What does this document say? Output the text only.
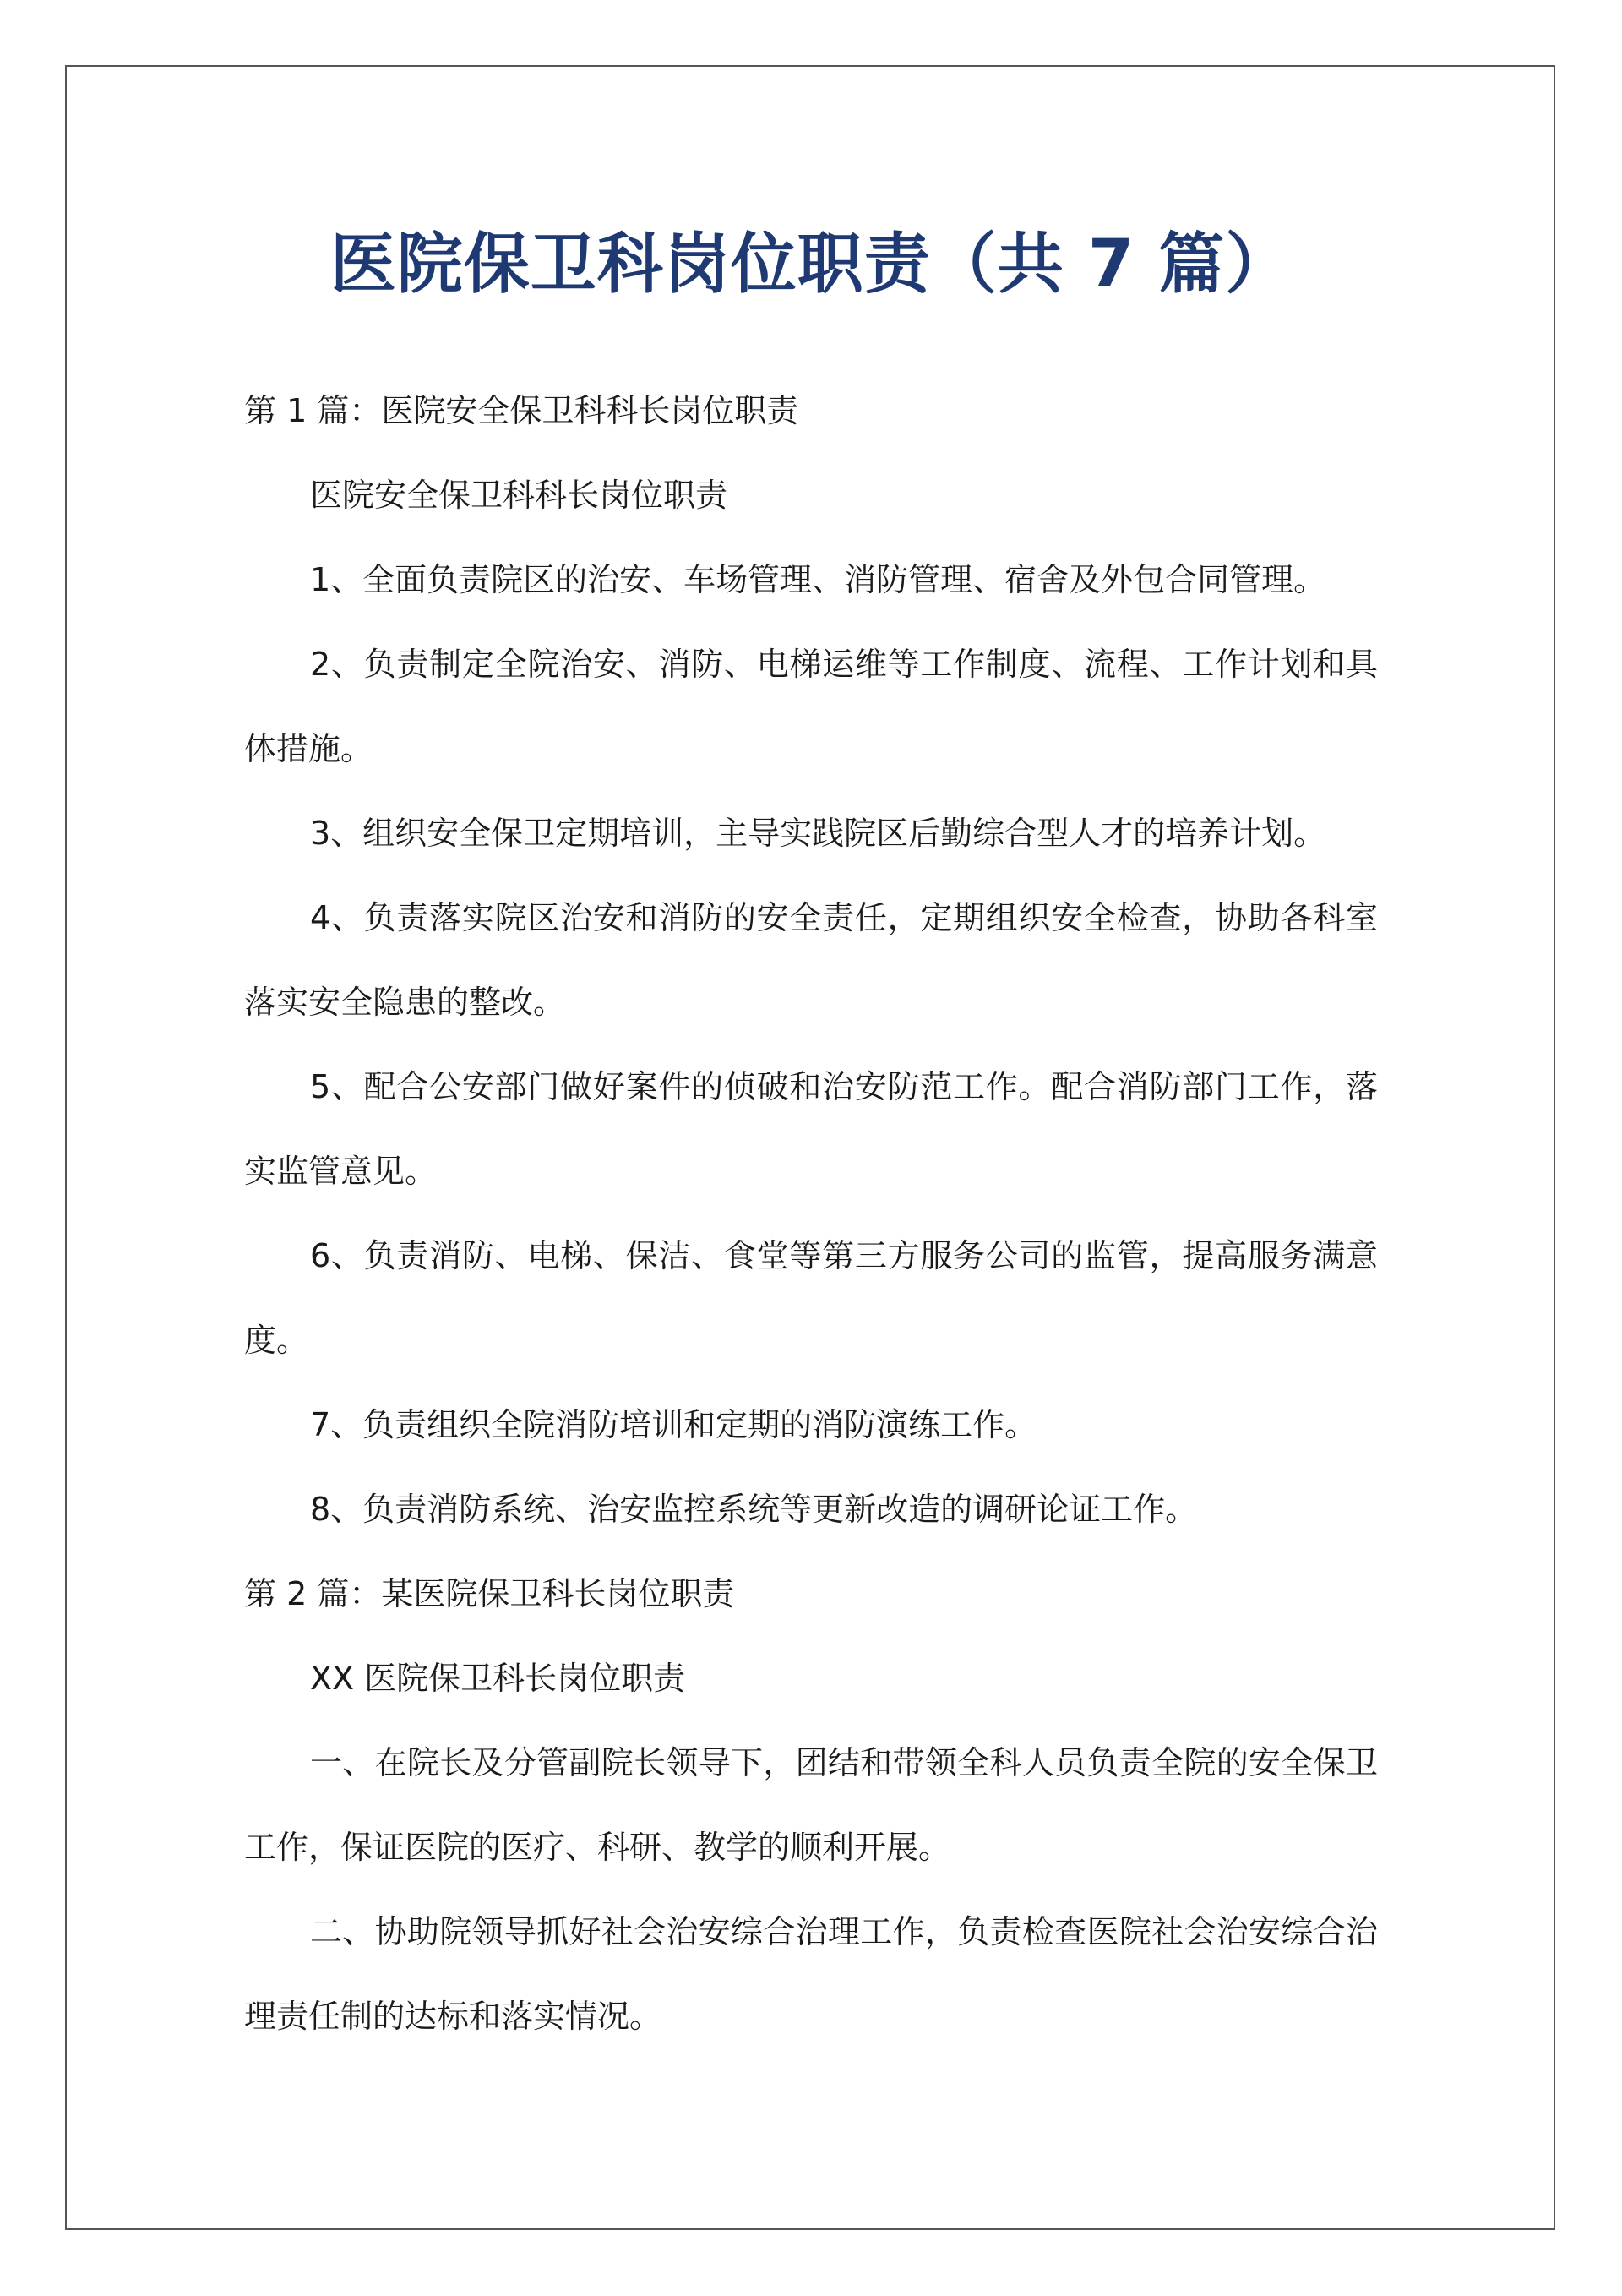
医院保卫科岗位职责（共 7 篇）

第 1 篇：医院安全保卫科科长岗位职责

医院安全保卫科科长岗位职责

1、全面负责院区的治安、车场管理、消防管理、宿舍及外包合同管理。

2、负责制定全院治安、消防、电梯运维等工作制度、流程、工作计划和具体措施。

3、组织安全保卫定期培训，主导实践院区后勤综合型人才的培养计划。

4、负责落实院区治安和消防的安全责任，定期组织安全检查，协助各科室落实安全隐患的整改。

5、配合公安部门做好案件的侦破和治安防范工作。配合消防部门工作，落实监管意见。

6、负责消防、电梯、保洁、食堂等第三方服务公司的监管，提高服务满意度。

7、负责组织全院消防培训和定期的消防演练工作。

8、负责消防系统、治安监控系统等更新改造的调研论证工作。

第 2 篇：某医院保卫科长岗位职责

XX 医院保卫科长岗位职责

一、在院长及分管副院长领导下，团结和带领全科人员负责全院的安全保卫工作，保证医院的医疗、科研、教学的顺利开展。

二、协助院领导抓好社会治安综合治理工作，负责检查医院社会治安综合治理责任制的达标和落实情况。
